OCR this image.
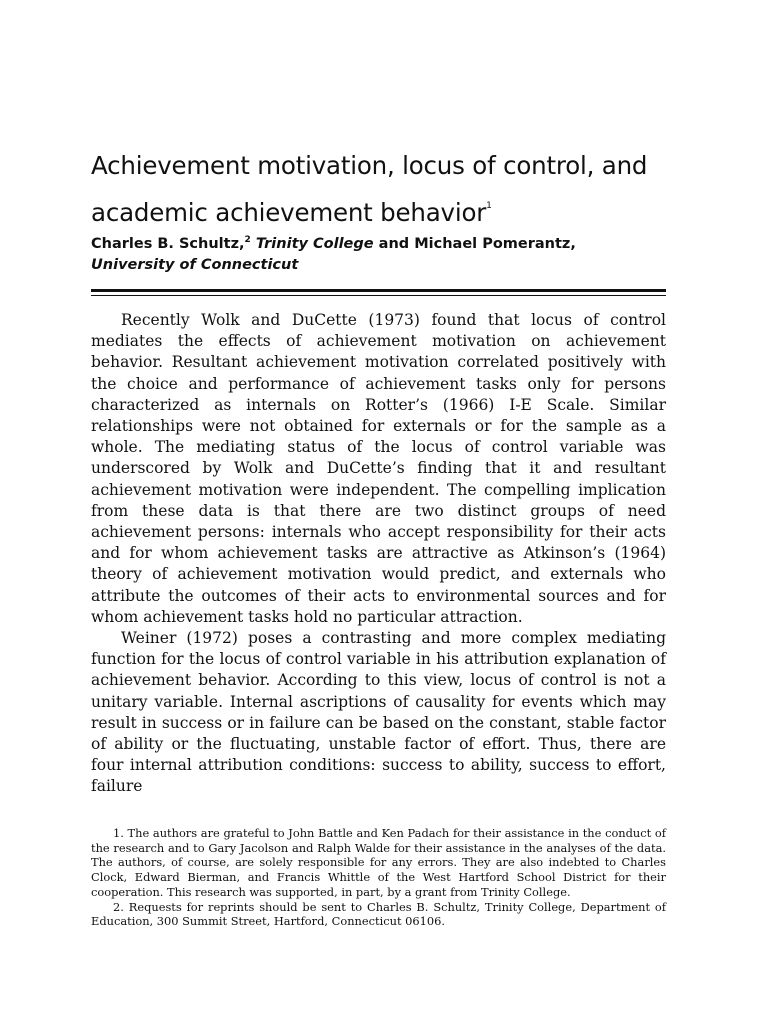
Achievement motivation, locus of control, and academic achievement behavior$^1$
Charles B. Schultz,$^2$ Trinity College and Michael Pomerantz,
University of Connecticut

Recently Wolk and DuCette (1973) found that locus of control mediates the effects of achievement motivation on achievement behavior. Resultant achievement motivation correlated positively with the choice and performance of achievement tasks only for persons characterized as internals on Rotter’s (1966) I-E Scale. Similar relationships were not obtained for externals or for the sample as a whole. The mediating status of the locus of control variable was underscored by Wolk and DuCette’s finding that it and resultant achievement motivation were independent. The compelling implication from these data is that there are two distinct groups of need achievement persons: internals who accept responsibility for their acts and for whom achievement tasks are attractive as Atkinson’s (1964) theory of achievement motivation would predict, and externals who attribute the outcomes of their acts to environmental sources and for whom achievement tasks hold no particular attraction.

Weiner (1972) poses a contrasting and more complex mediating function for the locus of control variable in his attribution explanation of achievement behavior. According to this view, locus of control is not a unitary variable. Internal ascriptions of causality for events which may result in success or in failure can be based on the constant, stable factor of ability or the fluctuating, unstable factor of effort. Thus, there are four internal attribution conditions: success to ability, success to effort, failure

1. The authors are grateful to John Battle and Ken Padach for their assistance in the conduct of the research and to Gary Jacolson and Ralph Walde for their assistance in the analyses of the data. The authors, of course, are solely responsible for any errors. They are also indebted to Charles Clock, Edward Bierman, and Francis Whittle of the West Hartford School District for their cooperation. This research was supported, in part, by a grant from Trinity College.

2. Requests for reprints should be sent to Charles B. Schultz, Trinity College, Department of Education, 300 Summit Street, Hartford, Connecticut 06106.
